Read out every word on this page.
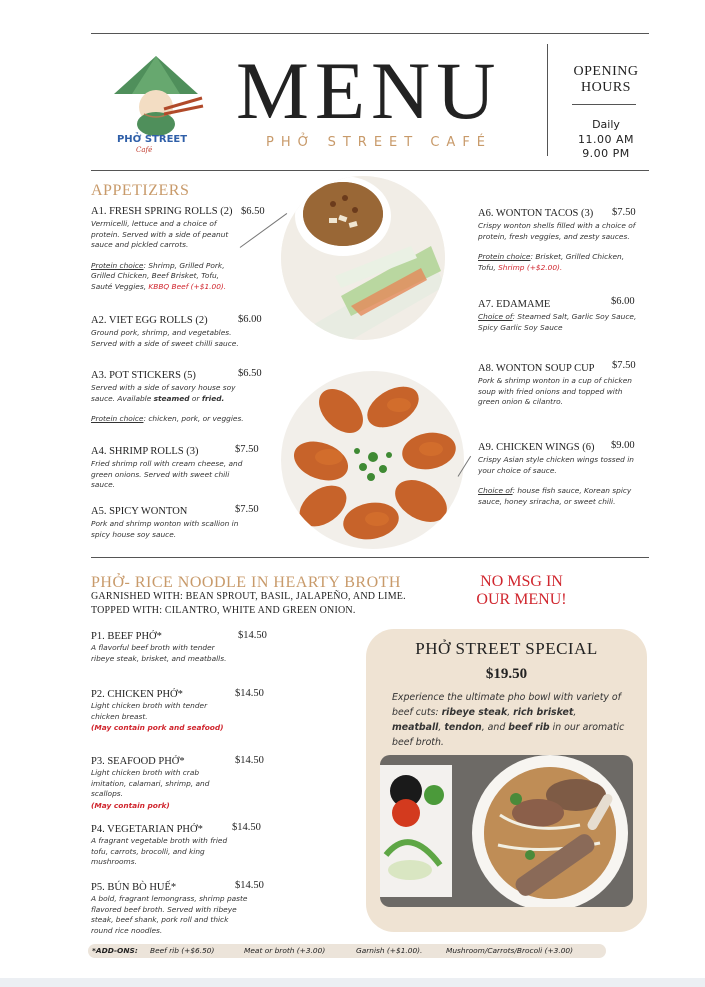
PHỞ STREET
Café
MENU
PHỞ STREET CAFÉ
OPENING
HOURS
Daily
11.00 AM
9.00 PM
APPETIZERS
A1. FRESH SPRING ROLLS (2)
Vermicelli, lettuce and a choice of protein. Served with a side of peanut sauce and pickled carrots.
Protein choice: Shrimp, Grilled Pork, Grilled Chicken, Beef Brisket, Tofu, Sauté Veggies, KBBQ Beef (+$1.00).
$6.50
A2. VIET EGG ROLLS (2)
Ground pork, shrimp, and vegetables. Served with a side of sweet chilli sauce.
$6.00
A3. POT STICKERS (5)
Served with a side of savory house soy sauce. Available steamed or fried.
Protein choice: chicken, pork, or veggies.
$6.50
A4. SHRIMP ROLLS (3)
Fried shrimp roll with cream cheese, and green onions. Served with sweet chili sauce.
$7.50
A5. SPICY WONTON
Pork and shrimp wonton with scallion in spicy house soy sauce.
$7.50
A6. WONTON TACOS (3)
Crispy wonton shells filled with a choice of protein, fresh veggies, and zesty sauces.
Protein choice: Brisket, Grilled Chicken, Tofu, Shrimp (+$2.00).
$7.50
A7. EDAMAME
Choice of: Steamed Salt, Garlic Soy Sauce, Spicy Garlic Soy Sauce
$6.00
A8. WONTON SOUP CUP
Pork & shrimp wonton in a cup of chicken soup with fried onions and topped with green onion & cilantro.
$7.50
A9. CHICKEN WINGS (6)
Crispy Asian style chicken wings tossed in your choice of sauce.
Choice of: house fish sauce, Korean spicy sauce, honey sriracha, or sweet chili.
$9.00
PHỞ- RICE NOODLE IN HEARTY BROTH
GARNISHED WITH: BEAN SPROUT, BASIL, JALAPEÑO, AND LIME.
TOPPED WITH: CILANTRO, WHITE AND GREEN ONION.
NO MSG IN
OUR MENU!
P1. BEEF PHỞ*
A flavorful beef broth with tender ribeye steak, brisket, and meatballs.
$14.50
P2. CHICKEN PHỞ*
Light chicken broth with tender chicken breast.
(May contain pork and seafood)
$14.50
P3. SEAFOOD PHỞ*
Light chicken broth with crab imitation, calamari, shrimp, and scallops.
(May contain pork)
$14.50
P4. VEGETARIAN PHỞ*
A fragrant vegetable broth with fried tofu, carrots, brocolli, and king mushrooms.
$14.50
P5. BÚN BÒ HUẾ*
A bold, fragrant lemongrass, shrimp paste flavored beef broth. Served with ribeye steak, beef shank, pork roll and thick round rice noodles.
$14.50
PHỞ STREET SPECIAL
$19.50
Experience the ultimate pho bowl with variety of beef cuts: ribeye steak, rich brisket, meatball, tendon, and beef rib in our aromatic beef broth.
*ADD-ONS: Beef rib (+$6.50)	Meat or broth (+3.00)	Garnish (+$1.00).	Mushroom/Carrots/Brocoli (+3.00)
